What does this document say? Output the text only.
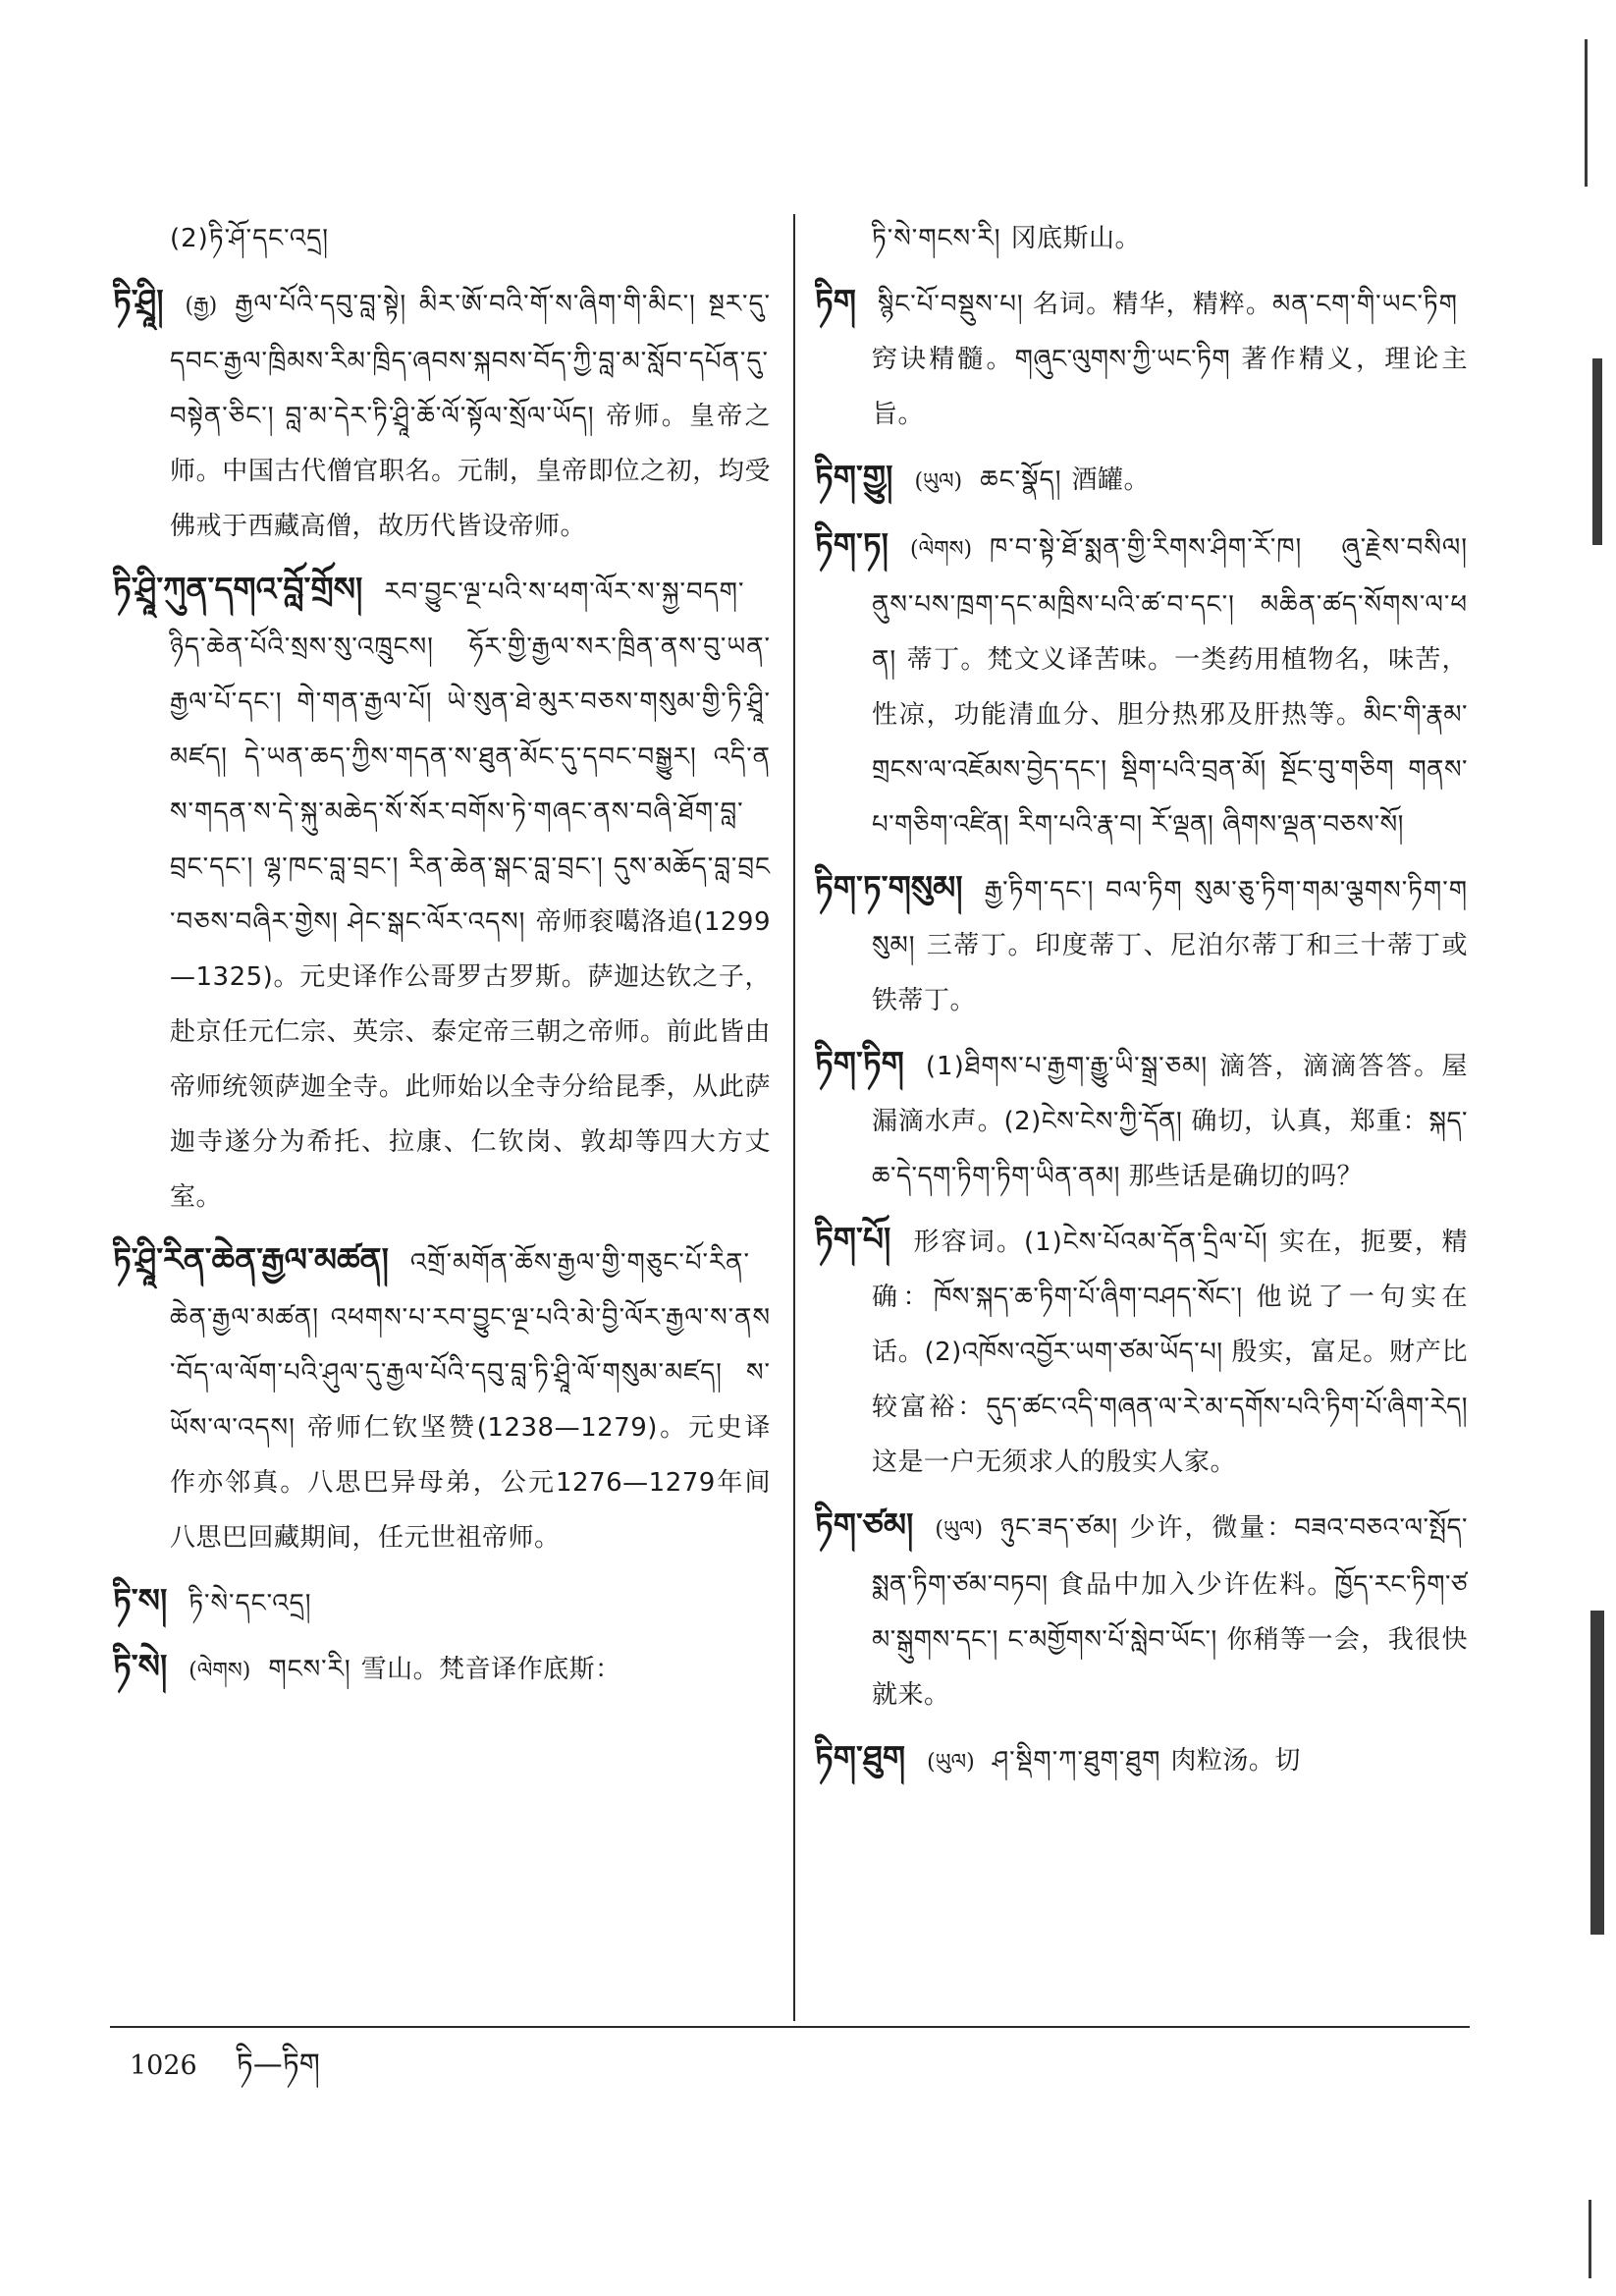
(2)ཏི་ཤོ་དང་འདྲ།
ཏི་ཤྲཱི། (རྒྱ) རྒྱལ་པོའི་དབུ་བླ་སྟེ། མིར་ཨོ་བའི་གོ་ས་ཞིག་གི་མིང་། སྔར་དུ་དབང་རྒྱལ་ཁྲིམས་རིམ་ཁྲིད་ཞབས་སྐབས་བོད་ཀྱི་བླ་མ་སློབ་དཔོན་དུ་བསྟེན་ཅིང་། བླ་མ་དེར་ཏི་ཤྲཱི་ཆོ་ལོ་སྟོལ་སྲོལ་ཡོད། 帝师。皇帝之师。中国古代僧官职名。元制，皇帝即位之初，均受佛戒于西藏高僧，故历代皆设帝师。
ཏི་ཤྲཱི་ཀུན་དགའ་བློ་གྲོས། རབ་བྱུང་ལྔ་པའི་ས་ཕག་ལོར་ས་སྐྱ་བདག་ཉིད་ཆེན་པོའི་སྲས་སུ་འཁྲུངས། ཧོར་གྱི་རྒྱལ་སར་ཁྲིན་ནས་བུ་ཡན་རྒྱལ་པོ་དང་། གེ་གན་རྒྱལ་པོ། ཡེ་སུན་ཐེ་མུར་བཅས་གསུམ་གྱི་ཏི་ཤྲཱི་མཛད། དེ་ཡན་ཆད་ཀྱིས་གདན་ས་ཐུན་མོང་དུ་དབང་བསྒྱུར། འདི་ནས་གདན་ས་དེ་སྐུ་མཆེད་སོ་སོར་བགོས་ཏེ་གཞང་ནས་བཞི་ཐོག་བླ་བྲང་དང་། ལྷ་ཁང་བླ་བྲང་། རིན་ཆེན་སྒང་བླ་བྲང་། དུས་མཆོད་བླ་བྲང་བཅས་བཞིར་གྱེས། ཤེང་སྒང་ལོར་འདས། 帝师衮噶洛追(1299—1325)。元史译作公哥罗古罗斯。萨迦达钦之子，赴京任元仁宗、英宗、泰定帝三朝之帝师。前此皆由帝师统领萨迦全寺。此师始以全寺分给昆季，从此萨迦寺遂分为希托、拉康、仁钦岗、敦却等四大方丈室。
ཏི་ཤྲཱི་རིན་ཆེན་རྒྱལ་མཚན། འགྲོ་མགོན་ཆོས་རྒྱལ་གྱི་གཅུང་པོ་རིན་ཆེན་རྒྱལ་མཚན། འཕགས་པ་རབ་བྱུང་ལྔ་པའི་མེ་བྱི་ལོར་རྒྱལ་ས་ནས་བོད་ལ་ལོག་པའི་ཤུལ་དུ་རྒྱལ་པོའི་དབུ་བླ་ཏི་ཤྲཱི་ལོ་གསུམ་མཛད། ས་ཡོས་ལ་འདས། 帝师仁钦坚赞(1238—1279)。元史译作亦邻真。八思巴异母弟，公元1276—1279年间八思巴回藏期间，任元世祖帝师。
ཏི་ས། ཏི་སེ་དང་འདྲ།
ཏི་སེ། (ལེགས) གངས་རི། 雪山。梵音译作底斯：
ཏི་སེ་གངས་རི། 冈底斯山。
ཏིག སྙིང་པོ་བསྡུས་པ། 名词。精华，精粹。མན་ངག་གི་ཡང་ཏིག窍诀精髓。གཞུང་ལུགས་ཀྱི་ཡང་ཏིག 著作精义，理论主旨。
ཏིག་གྱུ། (ཡུལ) ཆང་སྣོད། 酒罐。
ཏིག་ཏ། (ལེགས) ཁ་བ་སྟེ་ཐོ་སྨན་གྱི་རིགས་ཤིག་རོ་ཁ། ཞུ་རྗེས་བསིལ། ནུས་པས་ཁྲག་དང་མཁྲིས་པའི་ཚ་བ་དང་། མཆིན་ཚད་སོགས་ལ་ཕན། 蒂丁。梵文义译苦味。一类药用植物名，味苦，性凉，功能清血分、胆分热邪及肝热等。མིང་གི་རྣམ་གྲངས་ལ་འཇོམས་བྱེད་དང་། སྡིག་པའི་བྲན་མོ། སྔོང་བུ་གཅིག གནས་པ་གཅིག་འཛིན། རིག་པའི་རྣ་བ། རོ་ལྡན། ཞིགས་ལྡན་བཅས་སོ།
ཏིག་ཏ་གསུམ། རྒྱ་ཏིག་དང་། བལ་ཏིག སུམ་ཅུ་ཏིག་གམ་ལྕགས་ཏིག་གསུམ། 三蒂丁。印度蒂丁、尼泊尔蒂丁和三十蒂丁或铁蒂丁。
ཏིག་ཏིག (1)ཐིགས་པ་རྒྱག་རྒྱུ་ཡི་སྒྲ་ཅམ། 滴答，滴滴答答。屋漏滴水声。(2)ངེས་ངེས་ཀྱི་དོན། 确切，认真，郑重：སྐད་ཆ་དེ་དག་ཏིག་ཏིག་ཡིན་ནམ། 那些话是确切的吗？
ཏིག་པོ། 形容词。(1)ངེས་པོའམ་དོན་དྲིལ་པོ། 实在，扼要，精确：ཁོས་སྐད་ཆ་ཏིག་པོ་ཞིག་བཤད་སོང་། 他说了一句实在话。(2)འཁོས་འབྱོར་ཡག་ཙམ་ཡོད་པ། 殷实，富足。财产比较富裕：དུད་ཚང་འདི་གཞན་ལ་རེ་མ་དགོས་པའི་ཏིག་པོ་ཞིག་རེད། 这是一户无须求人的殷实人家。
ཏིག་ཙམ། (ཡུལ) ཉུང་ཟད་ཙམ། 少许，微量：བཟའ་བཅའ་ལ་སྤོད་སྨན་ཏིག་ཙམ་བཏབ། 食品中加入少许佐料。ཁྱོད་རང་ཏིག་ཙམ་སྒུགས་དང་། ང་མགྱོགས་པོ་སླེབ་ཡོང་། 你稍等一会，我很快就来。
ཏིག་ཐུག (ཡུལ) ཤ་སྡིག་ཀ་ཐུག་ཐུག 肉粒汤。切
1026 ཏི—ཏིག
